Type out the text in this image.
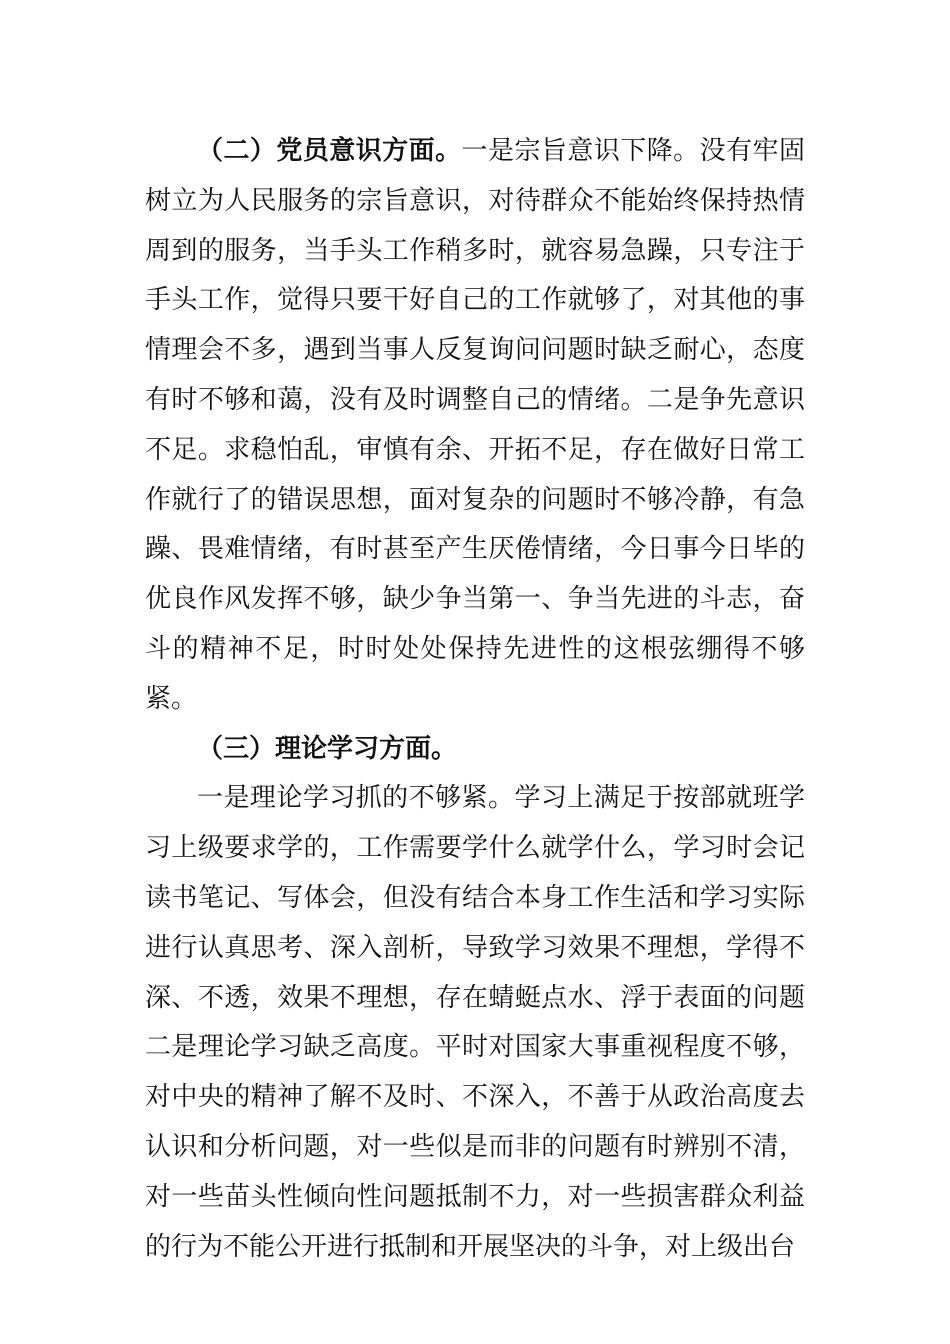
（二）党员意识方面。一是宗旨意识下降。没有牢固树立为人民服务的宗旨意识，对待群众不能始终保持热情周到的服务，当手头工作稍多时，就容易急躁，只专注于手头工作，觉得只要干好自己的工作就够了，对其他的事情理会不多，遇到当事人反复询问问题时缺乏耐心，态度有时不够和蔼，没有及时调整自己的情绪。二是争先意识不足。求稳怕乱，审慎有余、开拓不足，存在做好日常工作就行了的错误思想，面对复杂的问题时不够冷静，有急躁、畏难情绪，有时甚至产生厌倦情绪，今日事今日毕的优良作风发挥不够，缺少争当第一、争当先进的斗志，奋斗的精神不足，时时处处保持先进性的这根弦绷得不够紧。

（三）理论学习方面。

一是理论学习抓的不够紧。学习上满足于按部就班学习上级要求学的，工作需要学什么就学什么，学习时会记读书笔记、写体会，但没有结合本身工作生活和学习实际进行认真思考、深入剖析，导致学习效果不理想，学得不深、不透，效果不理想，存在蜻蜓点水、浮于表面的问题二是理论学习缺乏高度。平时对国家大事重视程度不够，对中央的精神了解不及时、不深入，不善于从政治高度去认识和分析问题，对一些似是而非的问题有时辨别不清，对一些苗头性倾向性问题抵制不力，对一些损害群众利益的行为不能公开进行抵制和开展坚决的斗争，对上级出台
